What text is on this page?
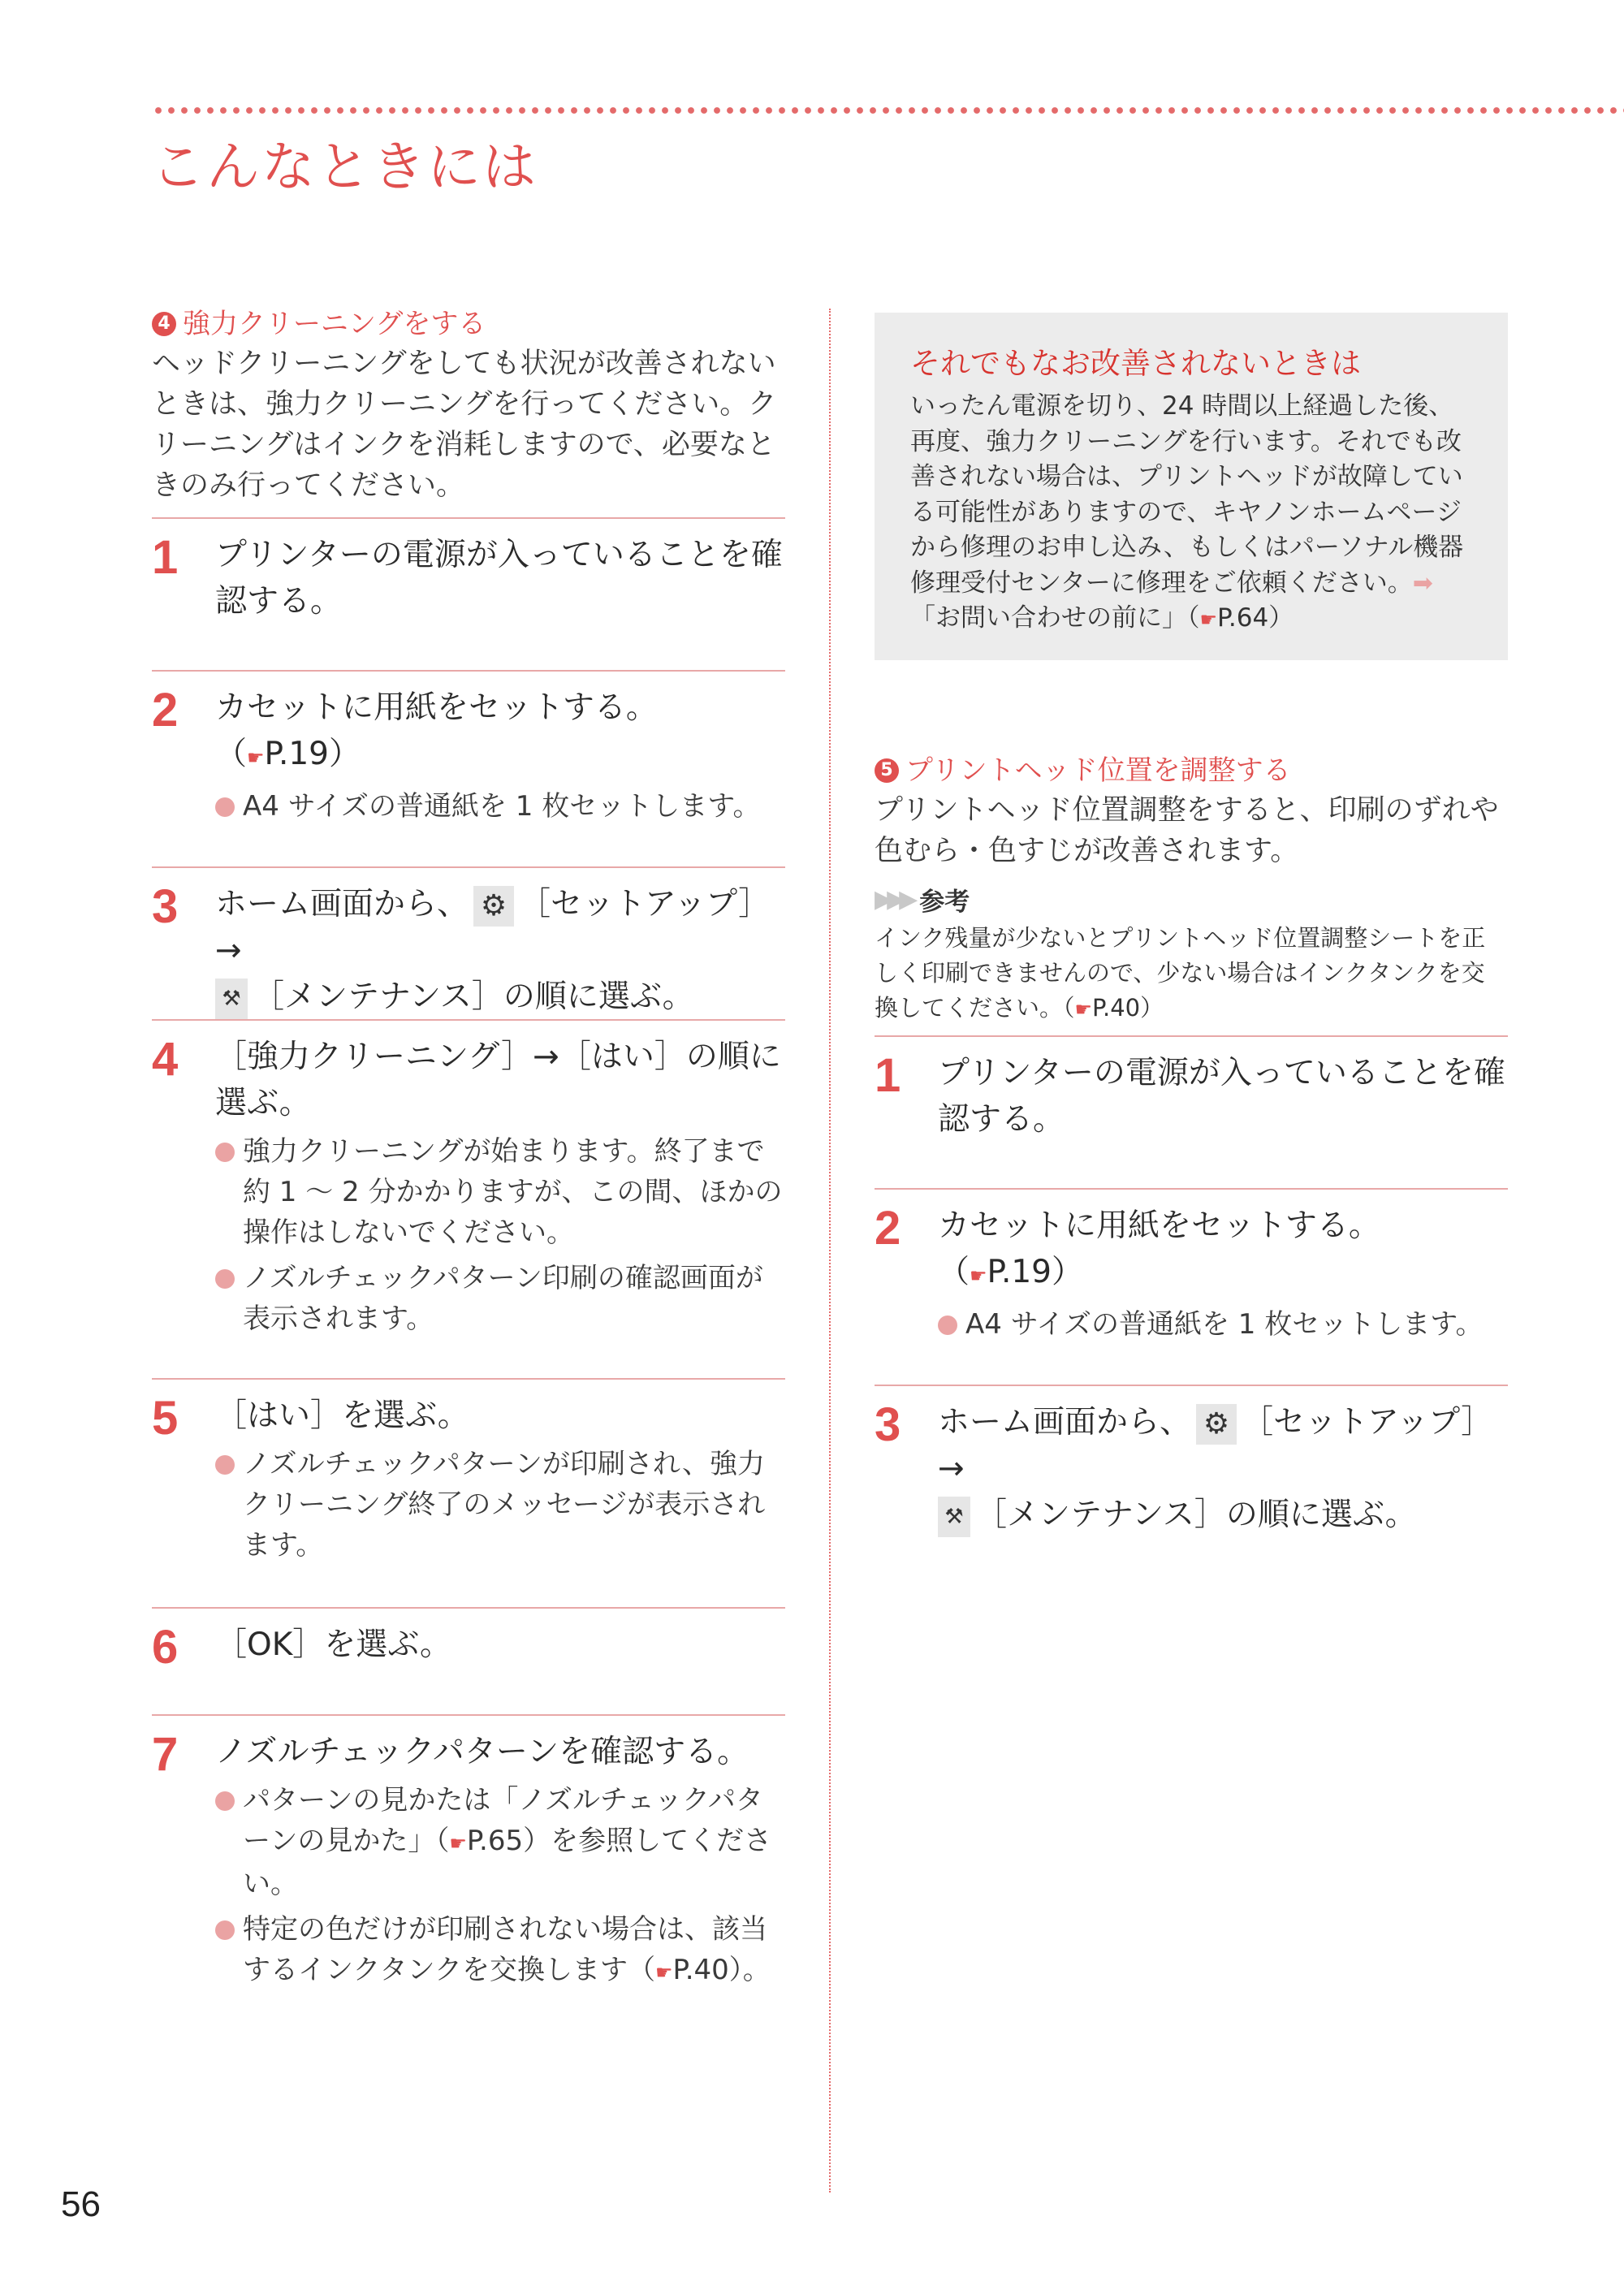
こんなときには

4 強力クリーニングをする

ヘッドクリーニングをしても状況が改善されないときは、強力クリーニングを行ってください。クリーニングはインクを消耗しますので、必要なときのみ行ってください。

1 プリンターの電源が入っていることを確認する。

2 カセットに用紙をセットする。
（☛P.19）

A4 サイズの普通紙を 1 枚セットします。

3 ホーム画面から、 ⚙ ［セットアップ］→
⚒ ［メンテナンス］の順に選ぶ。

4 ［強力クリーニング］→［はい］の順に選ぶ。

強力クリーニングが始まります。終了まで約 1 ～ 2 分かかりますが、この間、ほかの操作はしないでください。

ノズルチェックパターン印刷の確認画面が表示されます。

5 ［はい］を選ぶ。

ノズルチェックパターンが印刷され、強力クリーニング終了のメッセージが表示されます。

6 ［OK］を選ぶ。

7 ノズルチェックパターンを確認する。

パターンの見かたは「ノズルチェックパターンの見かた」（☛P.65）を参照してください。

特定の色だけが印刷されない場合は、該当するインクタンクを交換します（☛P.40）。

それでもなお改善されないときは

いったん電源を切り、24 時間以上経過した後、再度、強力クリーニングを行います。それでも改善されない場合は、プリントヘッドが故障している可能性がありますので、キヤノンホームページから修理のお申し込み、もしくはパーソナル機器修理受付センターに修理をご依頼ください。➡「お問い合わせの前に」（☛P.64）

5 プリントヘッド位置を調整する

プリントヘッド位置調整をすると、印刷のずれや色むら・色すじが改善されます。

▶▶▶ 参考

インク残量が少ないとプリントヘッド位置調整シートを正しく印刷できませんので、少ない場合はインクタンクを交換してください。（☛P.40）

1 プリンターの電源が入っていることを確認する。

2 カセットに用紙をセットする。
（☛P.19）

A4 サイズの普通紙を 1 枚セットします。

3 ホーム画面から、 ⚙ ［セットアップ］→
⚒ ［メンテナンス］の順に選ぶ。

56
